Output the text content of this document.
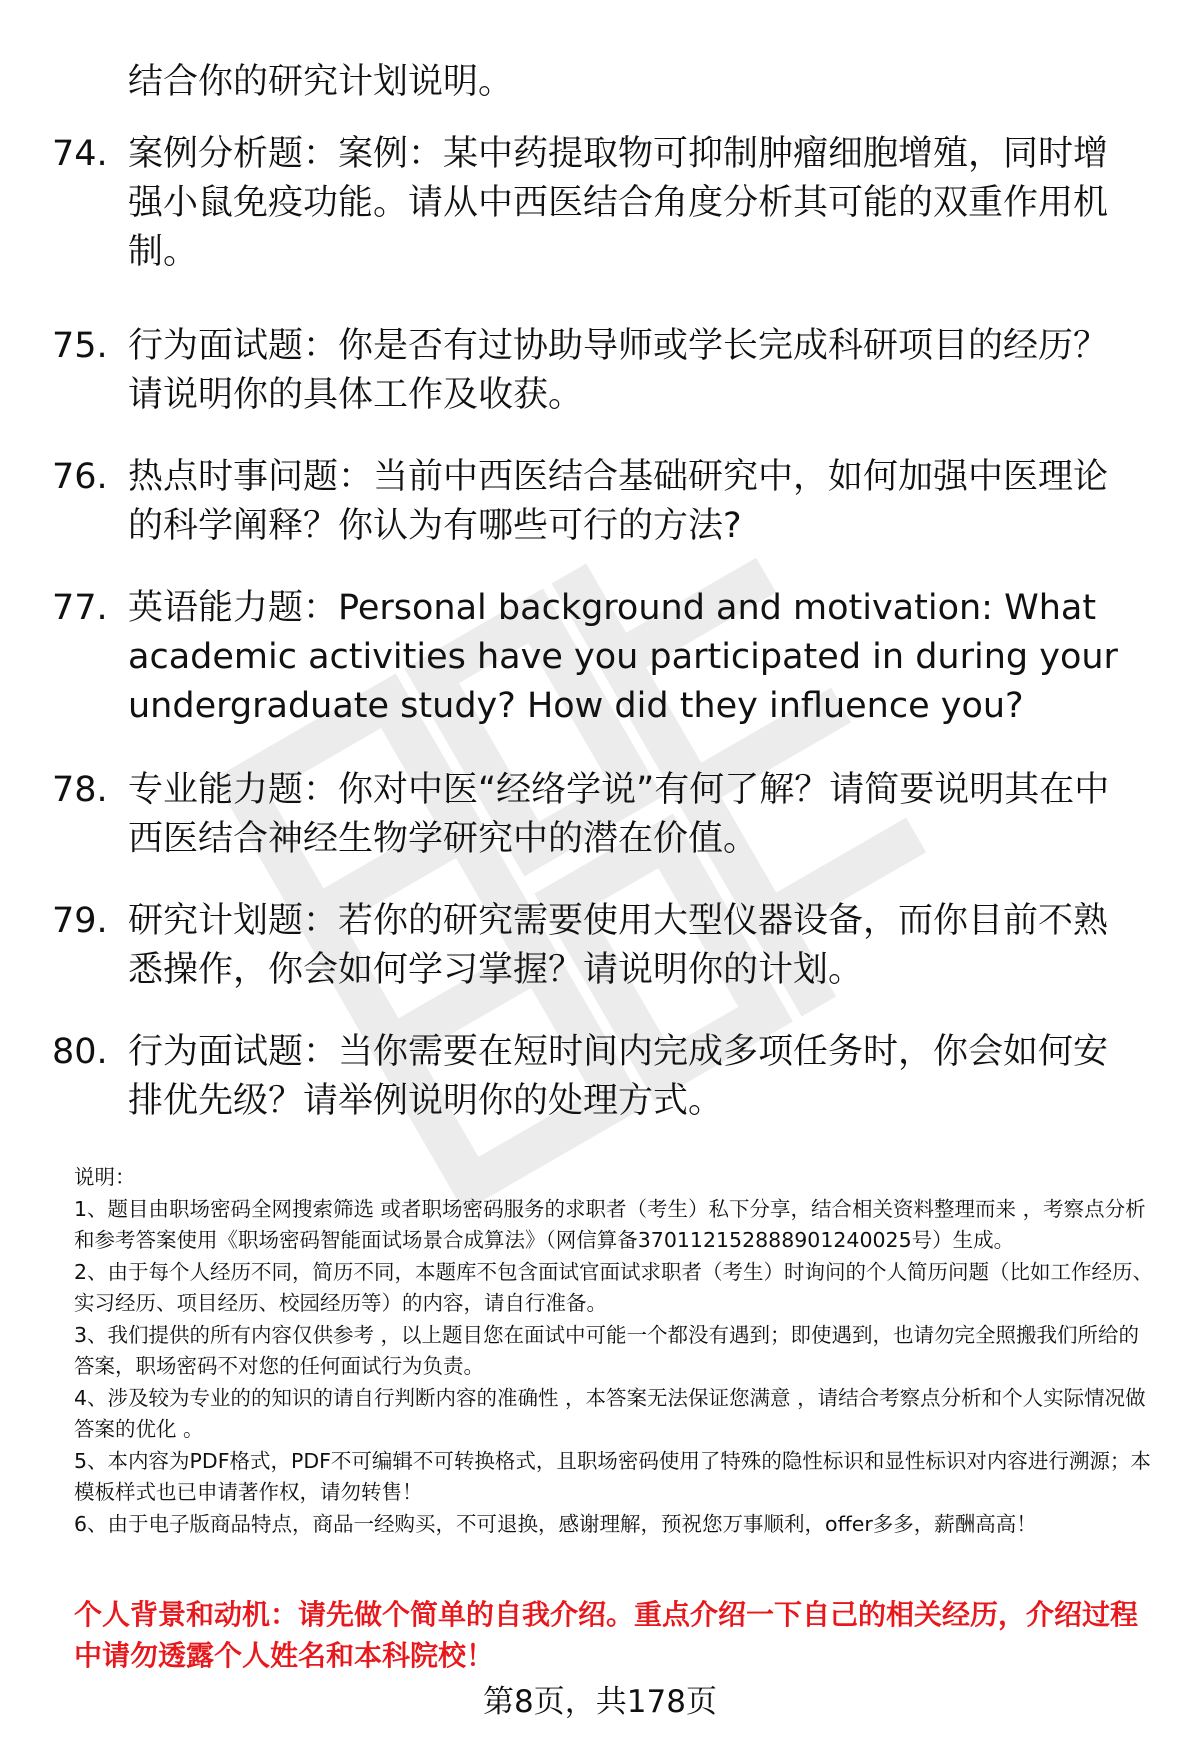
结合你的研究计划说明。
74. 案例分析题：案例：某中药提取物可抑制肿瘤细胞增殖，同时增强小鼠免疫功能。请从中西医结合角度分析其可能的双重作用机制。
75. 行为面试题：你是否有过协助导师或学长完成科研项目的经历？请说明你的具体工作及收获。
76. 热点时事问题：当前中西医结合基础研究中，如何加强中医理论的科学阐释？你认为有哪些可行的方法?
77. 英语能力题：Personal background and motivation: What academic activities have you participated in during your undergraduate study? How did they influence you?
78. 专业能力题：你对中医“经络学说”有何了解？请简要说明其在中西医结合神经生物学研究中的潜在价值。
79. 研究计划题：若你的研究需要使用大型仪器设备，而你目前不熟悉操作，你会如何学习掌握？请说明你的计划。
80. 行为面试题：当你需要在短时间内完成多项任务时，你会如何安排优先级？请举例说明你的处理方式。
说明：
1、题目由职场密码全网搜索筛选 或者职场密码服务的求职者（考生）私下分享，结合相关资料整理而来 ，考察点分析和参考答案使用《职场密码智能面试场景合成算法》（网信算备370112152888901240025号）生成。
2、由于每个人经历不同，简历不同，本题库不包含面试官面试求职者（考生）时询问的个人简历问题（比如工作经历、实习经历、项目经历、校园经历等）的内容，请自行准备。
3、我们提供的所有内容仅供参考 ，以上题目您在面试中可能一个都没有遇到；即使遇到，也请勿完全照搬我们所给的答案，职场密码不对您的任何面试行为负责。
4、涉及较为专业的的知识的请自行判断内容的准确性 ，本答案无法保证您满意 ，请结合考察点分析和个人实际情况做答案的优化 。
5、本内容为PDF格式，PDF不可编辑不可转换格式，且职场密码使用了特殊的隐性标识和显性标识对内容进行溯源；本模板样式也已申请著作权，请勿转售！
6、由于电子版商品特点，商品一经购买，不可退换，感谢理解，预祝您万事顺利，offer多多，薪酬高高！
个人背景和动机：请先做个简单的自我介绍。重点介绍一下自己的相关经历，介绍过程中请勿透露个人姓名和本科院校！
第8页，共178页
